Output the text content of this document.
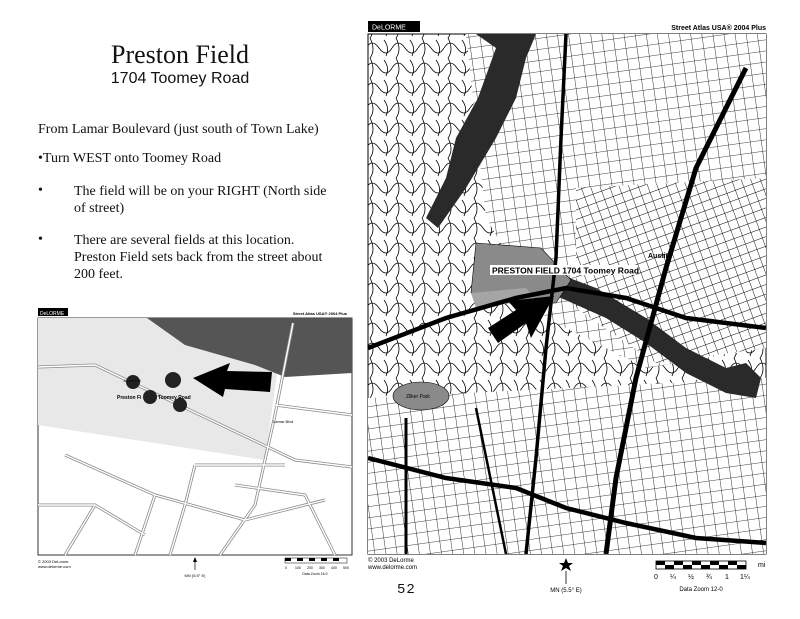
Preston Field
1704 Toomey Road
From Lamar Boulevard (just south of Town Lake)
•Turn WEST onto Toomey Road
• The field will be on your RIGHT (North side of street)
• There are several fields at this location. Preston Field sets back from the street about 200 feet.
DeLORME	Street Atlas USA® 2004 Plus
Junior Fld
Preston Fi	Toomey Road
Lamar Blvd
© 2003 DeLorme
www.delorme.com
MN (5.5° E)
0 100 200 300 400 500
Data Zoom 16-0
DeLORME	Street Atlas USA® 2004 Plus
PRESTON FIELD 1704 Toomey Road
Austin
Zilker Park
© 2003 DeLorme
www.delorme.com
MN (5.5° E)
mi
0 ¼ ½ ¾ 1 1¼
Data Zoom 12-0
52
